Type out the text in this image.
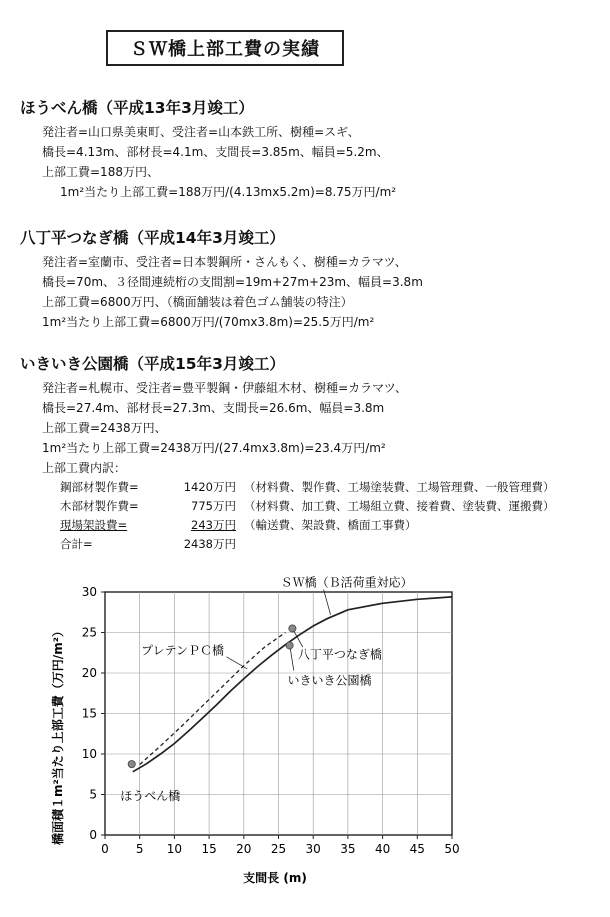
ＳＷ橋上部工費の実績
ほうべん橋（平成13年3月竣工）
発注者=山口県美東町、受注者=山本鉄工所、樹種=スギ、
橋長=4.13m、部材長=4.1m、支間長=3.85m、幅員=5.2m、
上部工費=188万円、
1m²当たり上部工費=188万円/(4.13mx5.2m)=8.75万円/m²
八丁平つなぎ橋（平成14年3月竣工）
発注者=室蘭市、受注者=日本製鋼所・さんもく、樹種=カラマツ、
橋長=70m、３径間連続桁の支間割=19m+27m+23m、幅員=3.8m
上部工費=6800万円、（橋面舗装は着色ゴム舗装の特注）
1m²当たり上部工費=6800万円/(70mx3.8m)=25.5万円/m²
いきいき公園橋（平成15年3月竣工）
発注者=札幌市、受注者=豊平製鋼・伊藤組木材、樹種=カラマツ、
橋長=27.4m、部材長=27.3m、支間長=26.6m、幅員=3.8m
上部工費=2438万円、
1m²当たり上部工費=2438万円/(27.4mx3.8m)=23.4万円/m²
上部工費内訳：
鋼部材製作費=	1420万円 （材料費、製作費、工場塗装費、工場管理費、一般管理費）
木部材製作費=	775万円 （材料費、加工費、工場組立費、接着費、塗装費、運搬費）
現場架設費=	243万円 （輸送費、架設費、橋面工事費）
合計=	2438万円
橋面積１m²当たり上部工費（万円/m²）
支間長 (m)
0 5 10 15 20 25 30 35 40 45 50
0
5
10
15
20
25
30
ＳＷ橋（Ｂ活荷重対応）
プレテンＰＣ橋
ほうべん橋
八丁平つなぎ橋
いきいき公園橋
